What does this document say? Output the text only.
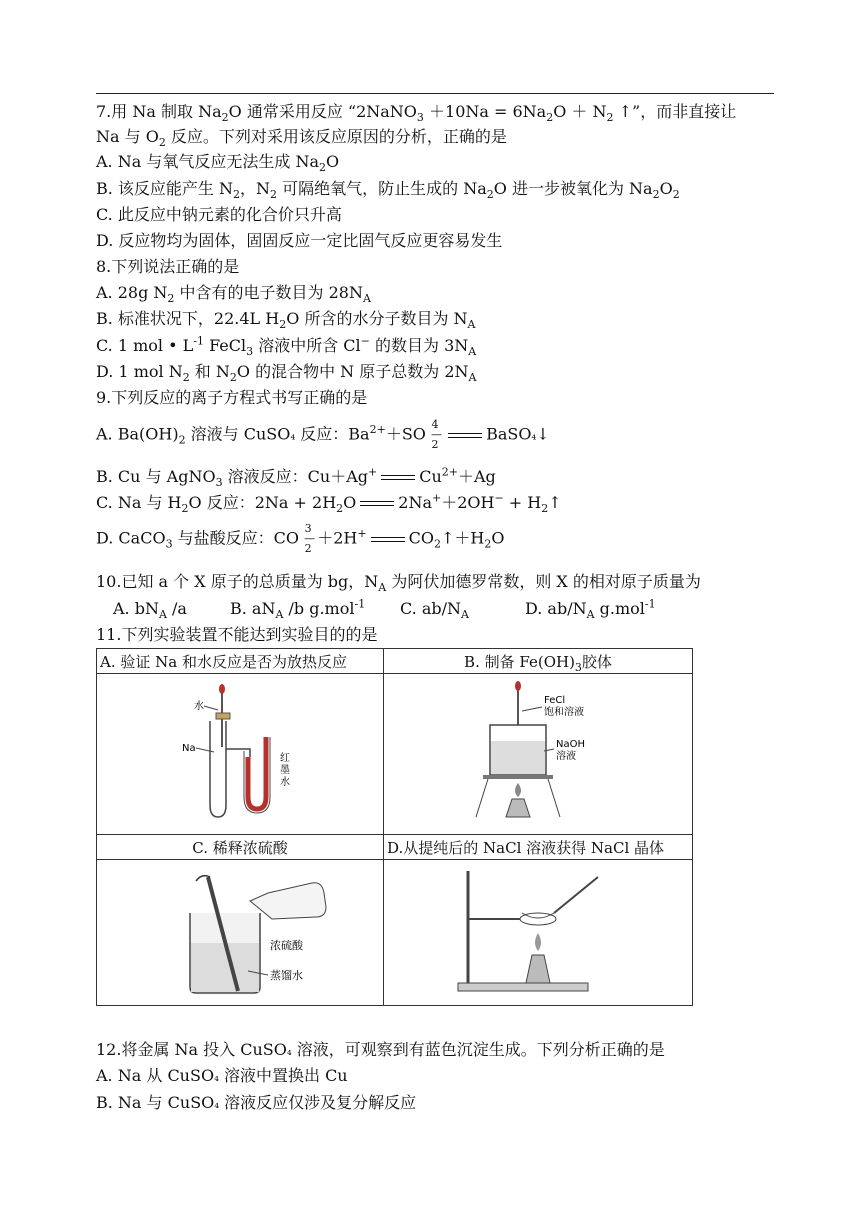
7.用 Na 制取 $Na_2O$ 通常采用反应 “2NaNO$_3$ $+10Na = 6Na_2O + N_2$ ↑”，而非直接让
Na 与 $O_2$ 反应。下列对采用该反应原因的分析，正确的是
A. Na 与氧气反应无法生成 $Na_2O$
B. 该反应能产生 $N_2$，$N_2$ 可隔绝氧气，防止生成的 $Na_2O$ 进一步被氧化为 $Na_2O_2$
C. 此反应中钠元素的化合价只升高
D. 反应物均为固体，固固反应一定比固气反应更容易发生
8.下列说法正确的是
A. 28g $N_2$ 中含有的电子数目为 $28N_A$
B. 标准状况下，22.4L $H_2O$ 所含的水分子数目为 $N_A$
C. 1 mol • $L^{-1}$ FeCl$_3$ 溶液中所含 Cl− 的数目为 $3N_A$
D. 1 mol $N_2$ 和 $N_2O$ 的混合物中 N 原子总数为 $2N_A$
9.下列反应的离子方程式书写正确的是
A. $Ba(OH)_2$ 溶液与 CuSO₄ 反应：$Ba^{2+}+SO$ 4
—
2 BaSO₄↓
B. Cu 与 AgNO$_3$ 溶液反应：Cu＋Ag+	$Cu^{2+}+Ag$
C. Na 与 $H_2O$ 反应：$2Na + 2H_2O$	$2Na^++2OH^- + H_2↑$
D. CaCO$_3$ 与盐酸反应：CO 3
—
2 ＋2H+	$CO_2↑+H_2O$
10.已知 a 个 X 原子的总质量为 bg，$N_A$ 为阿伏加德罗常数，则 X 的相对原子质量为
A. $bN_A$ /a	B. $aN_A$ /b g.mol$^{-1}$ C. $ab/N_A$	D. $ab/N_A$ g.mol$^{-1}$
11.下列实验装置不能达到实验目的的是
A. 验证 Na 和水反应是否为放热反应	B. 制备 $Fe(OH)_3$胶体

水
Na
红
墨
水	FeCl
饱和溶液
NaOH
溶液

C. 稀释浓硫酸	D.从提纯后的 NaCl 溶液获得 NaCl 晶体

浓硫酸
蒸馏水

12.将金属 Na 投入 CuSO₄ 溶液，可观察到有蓝色沉淀生成。下列分析正确的是
A. Na 从 CuSO₄ 溶液中置换出 Cu
B. Na 与 CuSO₄ 溶液反应仅涉及复分解反应
